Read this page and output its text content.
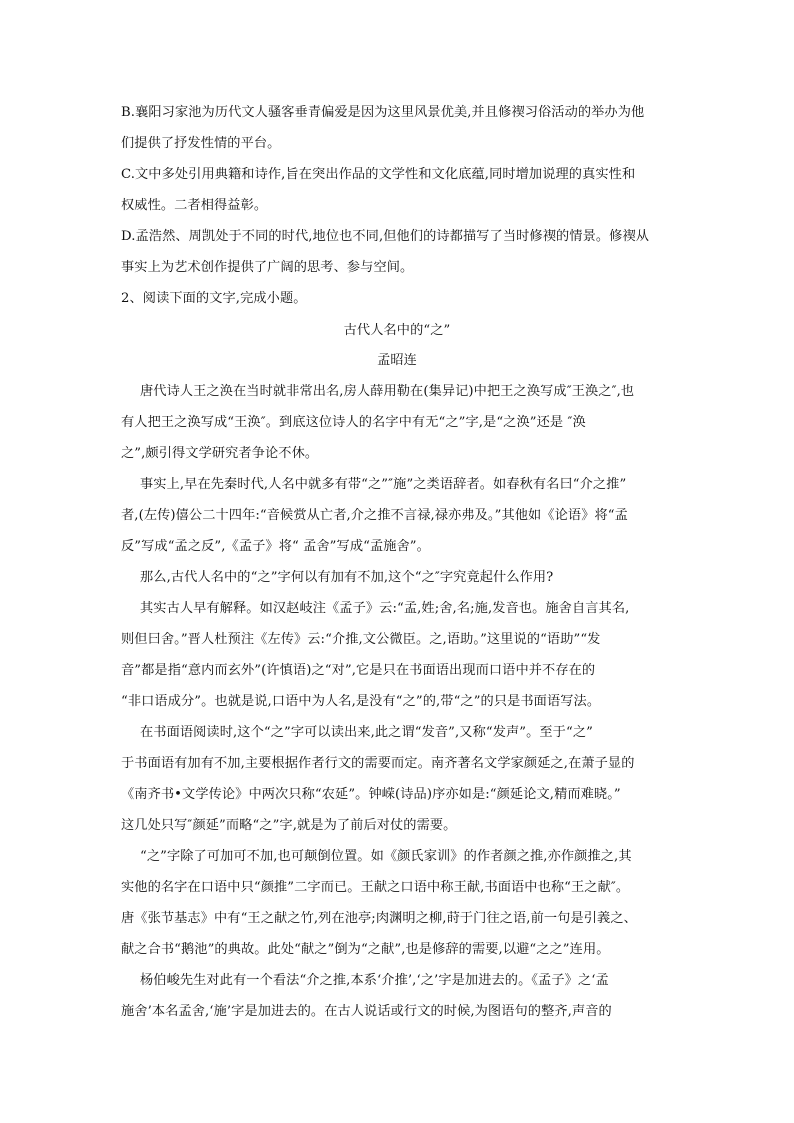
B.襄阳习家池为历代文人骚客垂青偏爱是因为这里风景优美,并且修禊习俗活动的举办为他
们提供了抒发性情的平台。
C.文中多处引用典籍和诗作,旨在突出作品的文学性和文化底蕴,同时增加说理的真实性和
权威性。二者相得益彰。
D.孟浩然、周凯处于不同的时代,地位也不同,但他们的诗都描写了当时修禊的情景。修禊从
事实上为艺术创作提供了广阔的思考、参与空间。
2、阅读下面的文字,完成小题。
古代人名中的“之”
孟昭连
唐代诗人王之涣在当时就非常出名,房人薛用勒在(集异记)中把王之涣写成″王涣之″,也
有人把王之涣写成“王涣″。到底这位诗人的名字中有无“之”字,是“之涣”还是 ″涣
之”,颇引得文学研究者争论不休。
事实上,早在先秦时代,人名中就多有带“之”″施”之类语辞者。如春秋有名曰“介之推”
者,(左传)僖公二十四年:“音候赏从亡者,介之推不言禄,禄亦弗及。”其他如《论语》将“孟
反”写成“孟之反”,《孟子》将“ 孟舍”写成“孟施舍”。
那么,古代人名中的“之”字何以有加有不加,这个“之″字究竟起什么作用?
其实古人早有解释。如汉赵岐注《孟子》云:“孟,姓;舍,名;施,发音也。施舍自言其名,
则但曰舍。”晋人杜预注《左传》云:“介推,文公微臣。之,语助。”这里说的“语助”“发
音”都是指“意内而玄外”(许慎语)之“对”,它是只在书面语出现而口语中并不存在的
“非口语成分”。也就是说,口语中为人名,是没有“之”的,带“之”的只是书面语写法。
在书面语阅读时,这个“之”字可以读出来,此之谓“发音”,又称“发声”。至于“之”
于书面语有加有不加,主要根据作者行文的需要而定。南齐著名文学家颜延之,在萧子显的
《南齐书•文学传论》中两次只称“农延”。钟嵘(诗品)序亦如是:“颜延论文,精而难晓。”
这几处只写″颜延”而略“之”字,就是为了前后对仗的需要。
“之”字除了可加可不加,也可颠倒位置。如《颜氏家训》的作者颜之推,亦作颜推之,其
实他的名字在口语中只“颜推”二字而已。王献之口语中称王献,书面语中也称“王之献″。
唐《张节基志》中有“王之献之竹,列在池亭;肉渊明之柳,莳于门往之语,前一句是引義之、
献之合书“鹅池”的典故。此处“献之”倒为“之献”,也是修辞的需要,以避“之之”连用。
杨伯峻先生对此有一个看法“介之推,本系‘介推’,‘之’字是加进去的。《孟子》之‘孟
施舍’本名孟舍,‘施’字是加进去的。在古人说话或行文的时候,为图语句的整齐,声音的
